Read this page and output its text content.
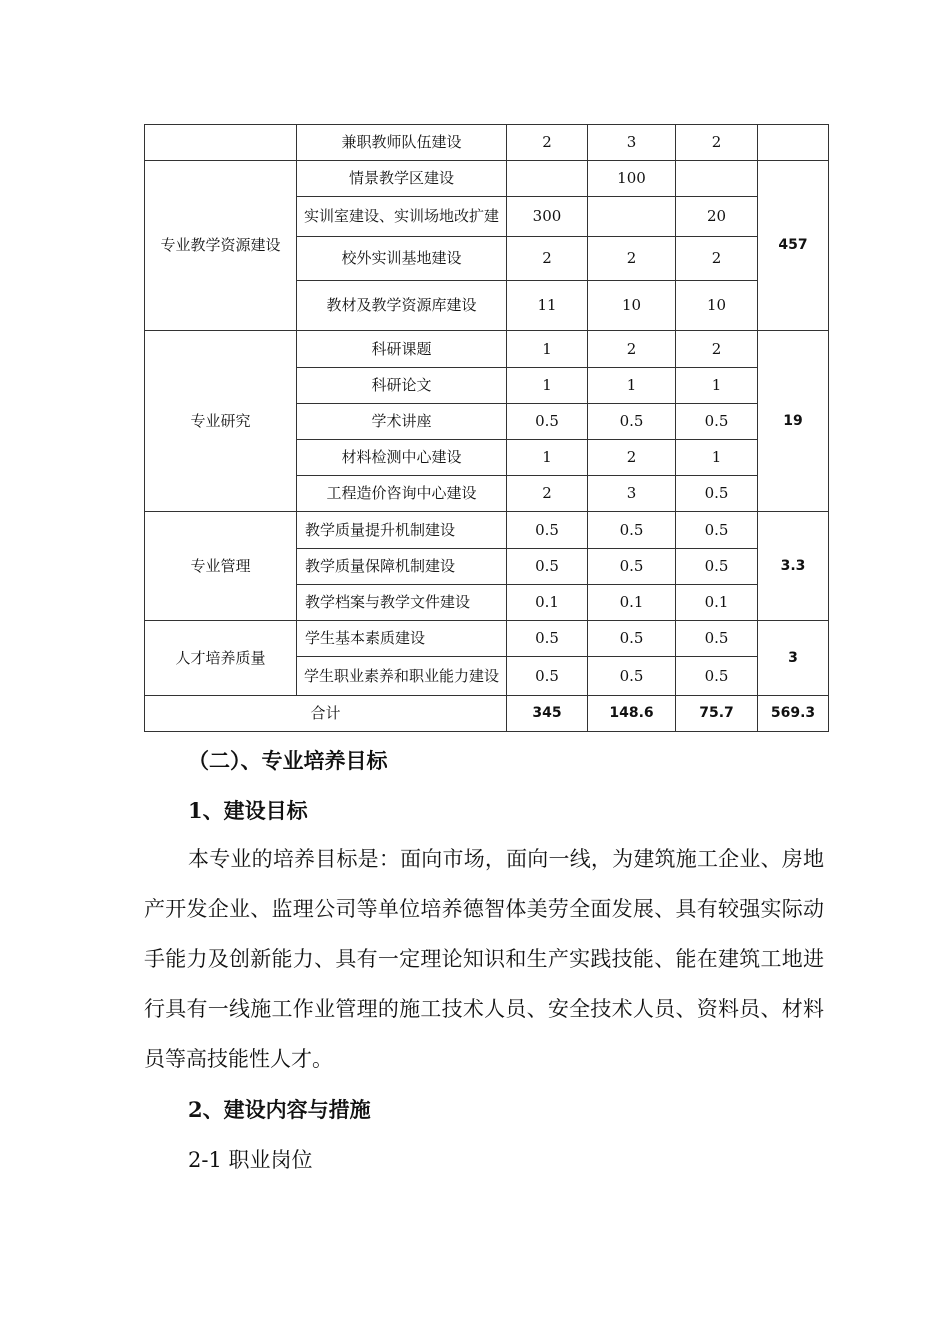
	兼职教师队伍建设	2	3	2	
专业教学资源建设	情景教学区建设		100		457
	实训室建设、实训场地改扩建	300		20	
	校外实训基地建设	2	2	2	
	教材及教学资源库建设	11	10	10	
专业研究	科研课题	1	2	2	19
	科研论文	1	1	1	
	学术讲座	0.5	0.5	0.5	
	材料检测中心建设	1	2	1	
	工程造价咨询中心建设	2	3	0.5	
专业管理	教学质量提升机制建设	0.5	0.5	0.5	3.3
	教学质量保障机制建设	0.5	0.5	0.5	
	教学档案与教学文件建设	0.1	0.1	0.1	
人才培养质量	学生基本素质建设	0.5	0.5	0.5	3
	学生职业素养和职业能力建设	0.5	0.5	0.5	
合计		345	148.6	75.7	569.3

（二）、专业培养目标

1、建设目标

本专业的培养目标是：面向市场，面向一线，为建筑施工企业、房地产开发企业、监理公司等单位培养德智体美劳全面发展、具有较强实际动手能力及创新能力、具有一定理论知识和生产实践技能、能在建筑工地进行具有一线施工作业管理的施工技术人员、安全技术人员、资料员、材料员等高技能性人才。

2、建设内容与措施

2-1 职业岗位
